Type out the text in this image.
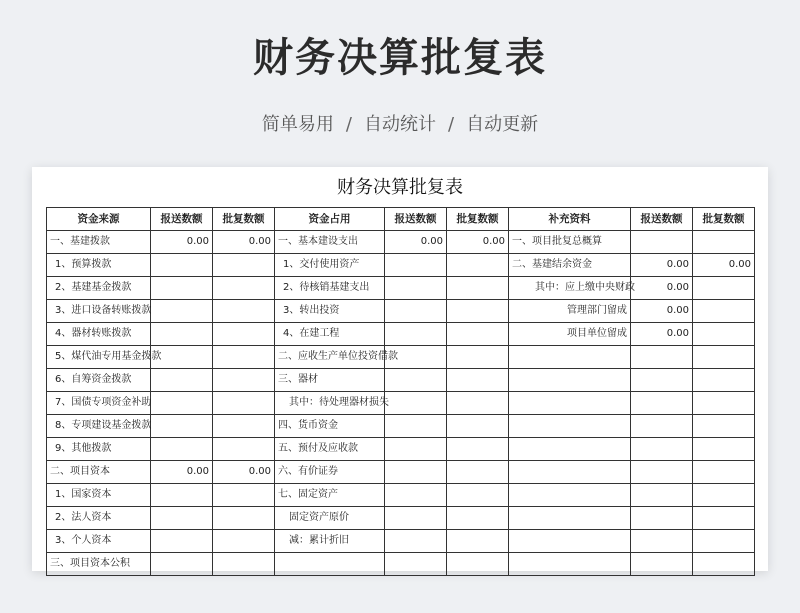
财务决算批复表
简单易用 / 自动统计 / 自动更新
财务决算批复表
资金来源	报送数额	批复数额	资金占用	报送数额	批复数额	补充资料	报送数额	批复数额
一、基建拨款	0.00	0.00	一、基本建设支出	0.00	0.00	一、项目批复总概算		
1、预算拨款			1、交付使用资产			二、基建结余资金	0.00	0.00
2、基建基金拨款			2、待核销基建支出			其中：应上缴中央财政	0.00	
3、进口设备转账拨款			3、转出投资			管理部门留成	0.00	
4、器材转账拨款			4、在建工程			项目单位留成	0.00	
5、煤代油专用基金拨款			二、应收生产单位投资借款					
6、自筹资金拨款			三、器材					
7、国债专项资金补助			其中：待处理器材损失					
8、专项建设基金拨款			四、货币资金					
9、其他拨款			五、预付及应收款					
二、项目资本	0.00	0.00	六、有价证券					
1、国家资本			七、固定资产					
2、法人资本			固定资产原价					
3、个人资本			减：累计折旧					
三、项目资本公积								
